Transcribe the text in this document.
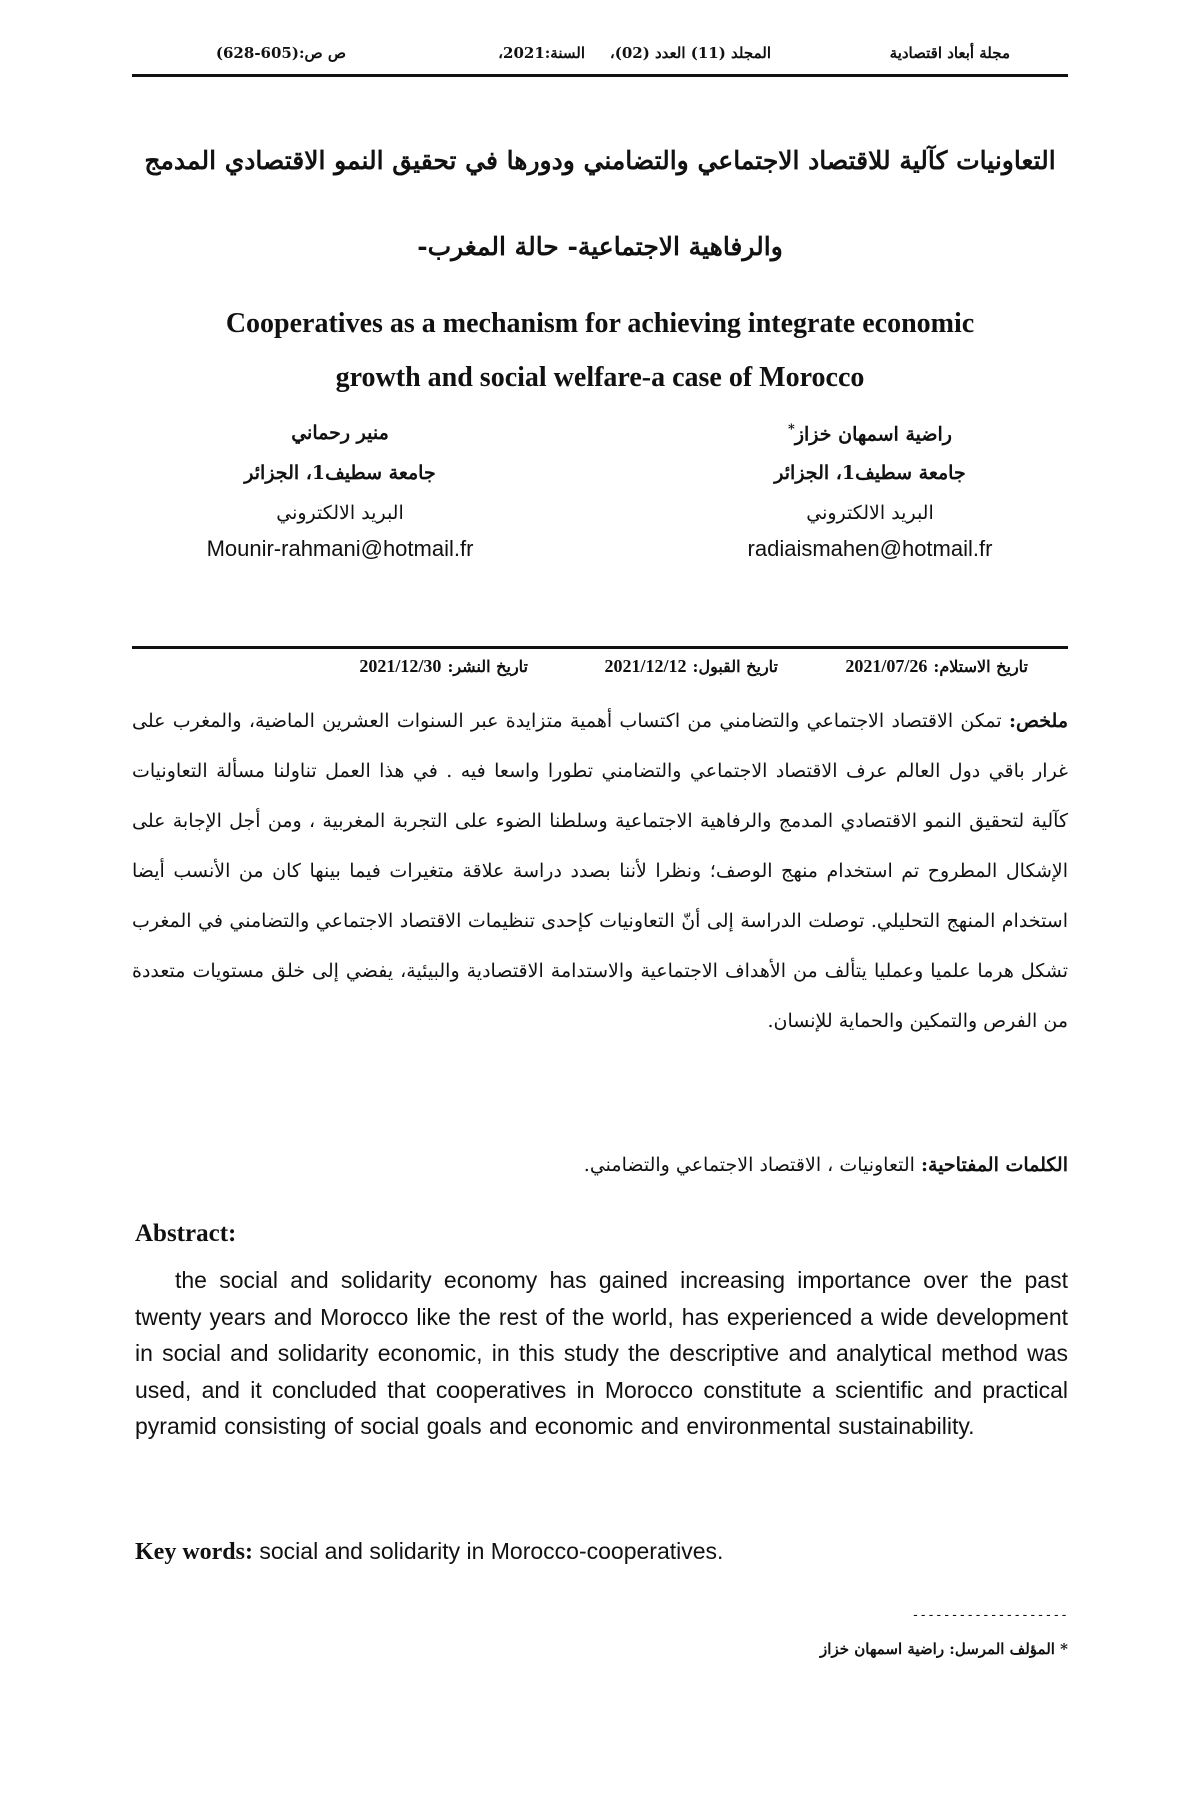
مجلة أبعاد اقتصادية
المجلد (11) العدد (02)،
السنة:2021،
ص ص:(605-628)
التعاونيات كآلية للاقتصاد الاجتماعي والتضامني ودورها في تحقيق النمو الاقتصادي المدمج
والرفاهية الاجتماعية- حالة المغرب-
Cooperatives as a mechanism for achieving integrate economic
growth and social welfare-a case of Morocco
راضية اسمهان خزاز*
جامعة سطيف1، الجزائر
البريد الالكتروني
radiaismahen@hotmail.fr
منير رحماني
جامعة سطيف1، الجزائر
البريد الالكتروني
Mounir-rahmani@hotmail.fr
تاريخ الاستلام:2021/07/26
تاريخ القبول:2021/12/12
تاريخ النشر:2021/12/30
ملخص: تمكن الاقتصاد الاجتماعي والتضامني من اكتساب أهمية متزايدة عبر السنوات العشرين الماضية، والمغرب على غرار باقي دول العالم عرف الاقتصاد الاجتماعي والتضامني تطورا واسعا فيه . في هذا العمل تناولنا مسألة التعاونيات كآلية لتحقيق النمو الاقتصادي المدمج والرفاهية الاجتماعية وسلطنا الضوء على التجربة المغربية ، ومن أجل الإجابة على الإشكال المطروح تم استخدام منهج الوصف؛ ونظرا لأننا بصدد دراسة علاقة متغيرات فيما بينها كان من الأنسب أيضا استخدام المنهج التحليلي. توصلت الدراسة إلى أنّ التعاونيات كإحدى تنظيمات الاقتصاد الاجتماعي والتضامني في المغرب تشكل هرما علميا وعمليا يتألف من الأهداف الاجتماعية والاستدامة الاقتصادية والبيئية، يفضي إلى خلق مستويات متعددة من الفرص والتمكين والحماية للإنسان.
الكلمات المفتاحية: التعاونيات ، الاقتصاد الاجتماعي والتضامني.
Abstract:
the social and solidarity economy has gained increasing importance over the past twenty years and Morocco like the rest of the world, has experienced a wide development in social and solidarity economic, in this study the descriptive and analytical method was used, and it concluded that cooperatives in Morocco constitute a scientific and practical pyramid consisting of social goals and economic and environmental sustainability.
Key words: social and solidarity in Morocco-cooperatives.
--------------------
* المؤلف المرسل: راضية اسمهان خزاز
